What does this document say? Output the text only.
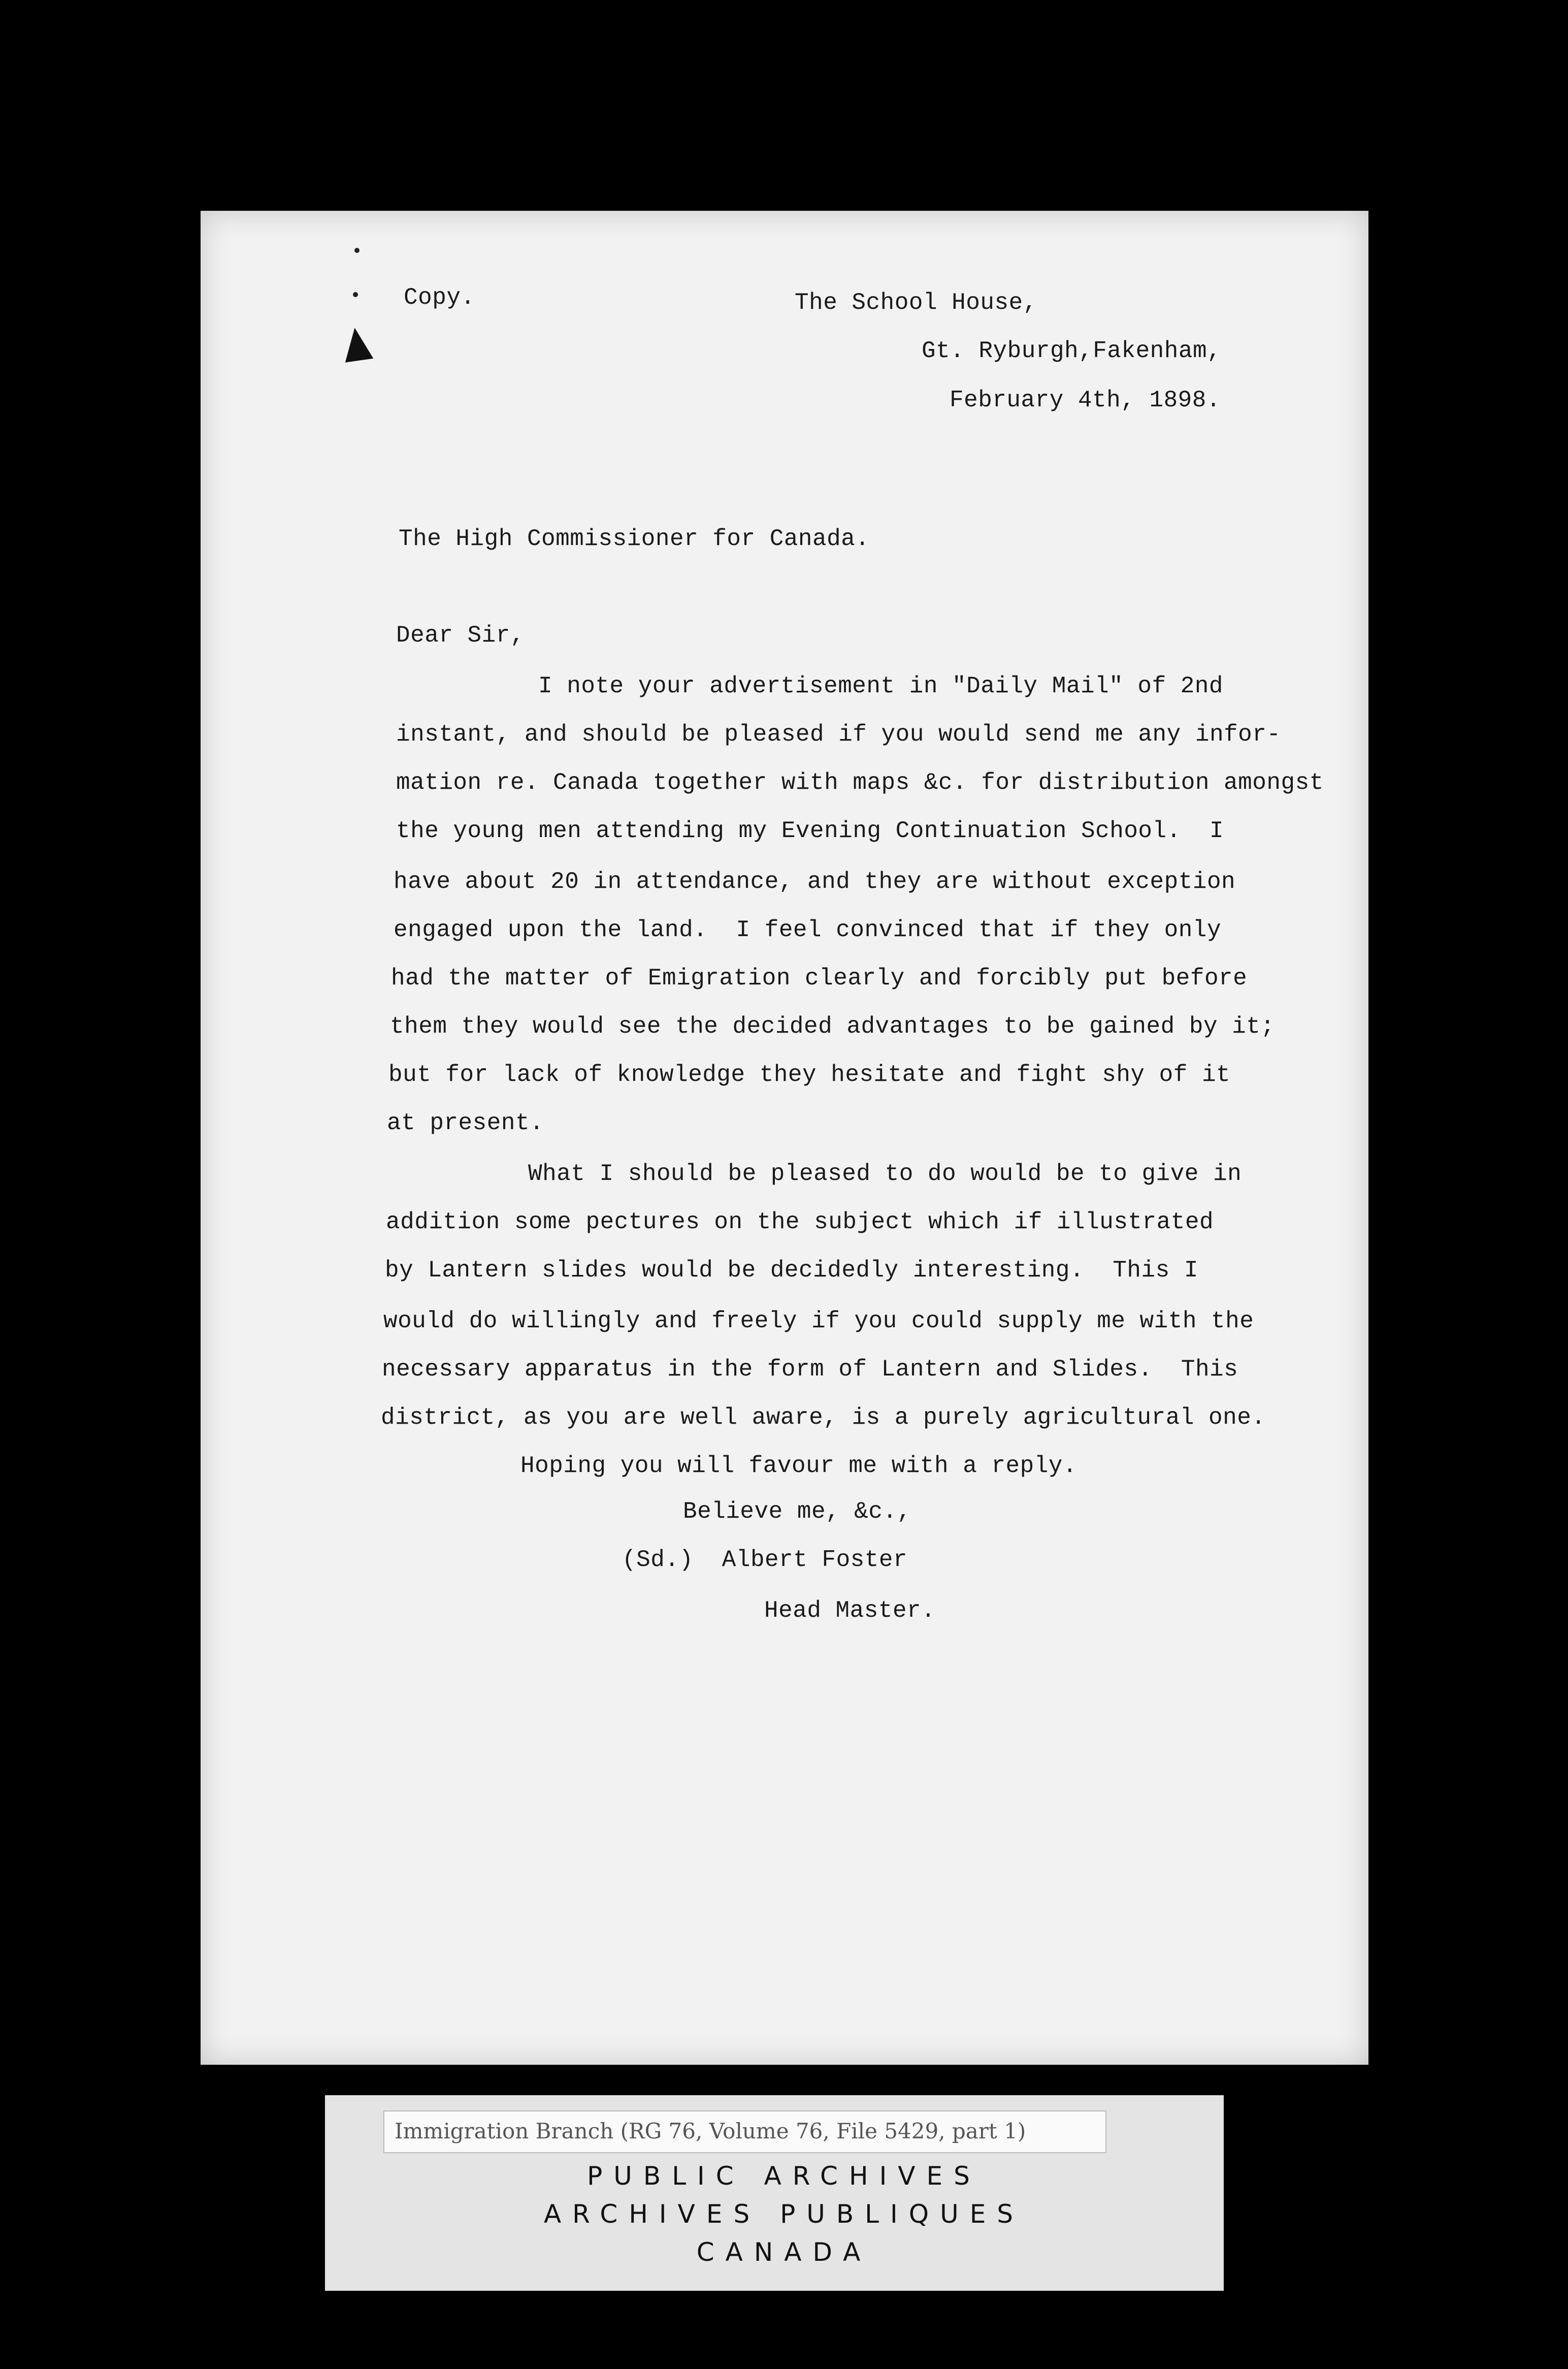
Copy.	The School House,
Gt. Ryburgh,Fakenham,
February 4th, 1898.
The High Commissioner for Canada.
Dear Sir,
I note your advertisement in "Daily Mail" of 2nd
instant, and should be pleased if you would send me any infor-
mation re. Canada together with maps &c. for distribution amongst
the young men attending my Evening Continuation School.  I
have about 20 in attendance, and they are without exception
engaged upon the land.  I feel convinced that if they only
had the matter of Emigration clearly and forcibly put before
them they would see the decided advantages to be gained by it;
but for lack of knowledge they hesitate and fight shy of it
at present.
What I should be pleased to do would be to give in
addition some pectures on the subject which if illustrated
by Lantern slides would be decidedly interesting.  This I
would do willingly and freely if you could supply me with the
necessary apparatus in the form of Lantern and Slides.  This
district, as you are well aware, is a purely agricultural one.
Hoping you will favour me with a reply.
Believe me, &c.,
(Sd.)  Albert Foster
Head Master.
Immigration Branch (RG 76, Volume 76, File 5429, part 1)
PUBLIC ARCHIVES
ARCHIVES PUBLIQUES
CANADA
